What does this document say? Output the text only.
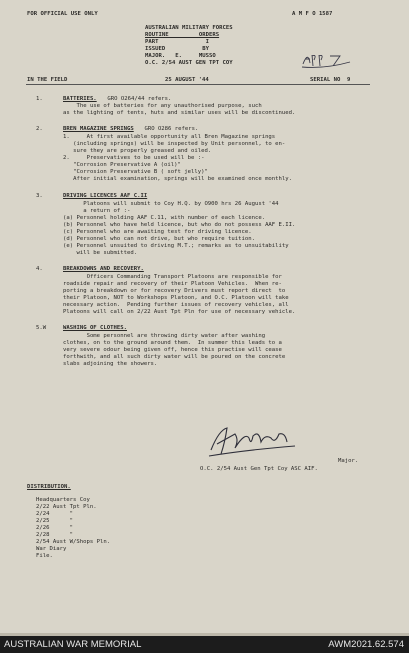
FOR OFFICIAL USE ONLY	A M F O 1587
AUSTRALIAN MILITARY FORCES
ROUTINE         ORDERS
PART              I
ISSUED           BY
MAJOR.   E.     MUSSO
O.C. 2/54 AUST GEN TPT COY
IN THE FIELD	25 AUGUST '44	SERIAL NO  9
1.	BATTERIES. GRO O264/44 refers.
The use of batteries for any unauthorised purpose, such
as the lighting of tents, huts and similar uses will be discontinued.
2.	BREN MAGAZINE SPRINGS GRO O286 refers.
1.     At first available opportunity all Bren Magazine springs
(including springs) will be inspected by Unit personnel, to en-
sure they are properly greased and oiled.
2.     Preservatives to be used will be :-
"Corrosion Preservative A (oil)"
"Corrosion Preservative B ( soft jelly)"
After initial examination, springs will be examined once monthly.
3.	DRIVING LICENCES AAF C.II
Platoons will submit to Coy H.Q. by O900 hrs 26 August '44
a return of :-
(a) Personnel holding AAF C.11, with number of each licence.
(b) Personnel who have held licence, but who do not possess AAF E.II.
(c) Personnel who are awaiting test for driving licence.
(d) Personnel who can not drive, but who require tuition.
(e) Personnel unsuited to driving M.T.; remarks as to unsuitability
will be submitted.
4.	BREAKDOWNS AND RECOVERY.
Officers Commanding Transport Platoons are responsible for
roadside repair and recovery of their Platoon Vehicles.  When re-
porting a breakdown or for recovery Drivers must report direct  to
their Platoon, NOT to Workshops Platoon, and O.C. Platoon will take
necessary action.  Pending further issues of recovery vehicles, all
Platoons will call on 2/22 Aust Tpt Pln for use of necessary vehicle.
5.W	WASHING OF CLOTHES.
Some personnel are throwing dirty water after washing
clothes, on to the ground around them.  In summer this leads to a
very severe odour being given off, hence this practise will cease
forthwith, and all such dirty water will be poured on the concrete
slabs adjoining the showers.
Major.
O.C. 2/54 Aust Gen Tpt Coy ASC AIF.
DISTRIBUTION.
Headquarters Coy
2/22 Aust Tpt Pln.
2/24      "
2/25      "
2/26      "
2/28      "
2/54 Aust W/Shops Pln.
War Diary
File.
AUSTRALIAN WAR MEMORIAL	AWM2021.62.574
